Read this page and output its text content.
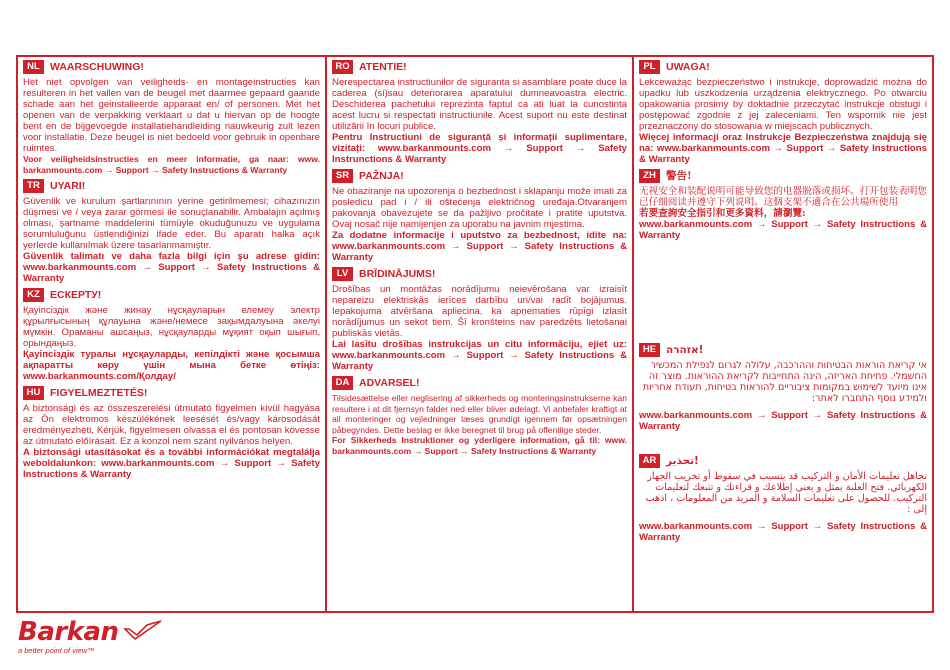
NL WAARSCHUWING!
Het niet opvolgen van veiligheids- en montageinstructies kan resulteren in het vallen van de beugel met daarmee gepaard gaande schade aan het geinstalleerde apparaat en/ of personen. Met het openen van de verpakking verklaart u dat u hiervan op de hoogte bent en de bijgevoegde installatiehandleiding nauwkeurig zult lezen voor installatie. Deze beugel is niet bedoeld voor gebruik in openbare ruimtes.
Voor veiligheidsinstructies en meer informatie, ga naar: www. barkanmounts.com → Support → Safety Instructions & Warranty
TR UYARI!
Güvenlik ve kurulum şartlarınının yerine getirilmemesi; cihazınızın düşmesi ve / veya zarar görmesi ile sonuçlanabilir. Ambalajın açılmış olması, şartname maddelerini tümüyle okuduğunuzu ve uygulama sorumluluğunu üstlendiğinizi ifade eder. Bu aparatı halka açık yerlerde kullanılmak üzere tasarlanmamıştır.
Güvenlik talimatı ve daha fazla bilgi için şu adrese gidin: www.barkanmounts.com → Support → Safety Instructions & Warranty
KZ ЕСКЕРТУ!
Қауіпсіздік және жинау нұсқауларын елемеу электр құрылғысының құлауына және/немесе зақымдалуына әкелуі мүмкін. Ораманы ашсаңыз, нұсқауларды мұқият оқып шығып, орындаңыз.
Қауіпсіздік туралы нұсқауларды, кепілдікті және қосымша ақпаратты көру үшін мына бетке өтіңіз: www.barkanmounts.com/Қолдау/
HU FIGYELMEZTETÉS!
A biztonsági és az összeszerelési útmutató figyelmen kívül hagyása az Ön elektromos készülékének leesését és/vagy károsodását eredményezheti. Kérjük, figyelmesen olvassa el és pontosan kövesse az útmutató előírásait. Ez a konzol nem szánt nyilvános helyen.
A biztonsági utasításokat és a további információkat megtalálja weboldalunkon: www.barkanmounts.com → Support → Safety Instructions & Warranty
RO ATENTIE!
Nerespectarea instructiunilor de siguranta si asamblare poate duce la caderea (si)sau deteriorarea aparatului dumneavoastra electric. Deschiderea pachetului reprezinta faptul ca ati luat la cunostinta acest lucru si respectati instructiunile. Acest suport nu este destinat utilizării în locuri publice.
Pentru Instructiuni de siguranță și informații suplimentare, vizitați: www.barkanmounts.com → Support → Safety Instrunctions & Warranty
SR PAŽNJA!
Ne obaziranje na upozorenja o bezbednost i sklapanju može imati za posledicu pad i / ili oštećenja električnog uređaja.Otvaranjem pakovanja obavezujete se da pažljivo pročitate i pratite uputstva. Ovaj nosač nije namijenjen za uporabu na javnim mjestima.
Za dodatne informacije i uputstvo za bezbednost, idite na: www.barkanmounts.com → Support → Safety Instructions & Warranty
LV	BRĪDINĀJUMS!
Drošības un montāžas norādījumu neievērošana var izraisīt nepareizu elektriskās ierīces darbību un/vai radīt bojājumus. Iepakojuma atvēršana apliecina, ka apņematies rūpīgi izlasīt norādījumus un sekot tiem. Šī kronšteins nav paredzēts lietošanai publiskās vietās.
Lai lasītu drošības instrukcijas un citu informāciju, ejiet uz: www.barkanmounts.com → Support → Safety Instructions & Warranty
DA ADVARSEL!
Tilsidesættelse eller neglisering af sikkerheds og monteringsinstrukserne kan resultere i at dit fjernsyn falder ned eller bliver ødelagt. Vi anbefaler kraftigt at all monteringer og vejledninger læses grundigt igennem før opsætningen påbegyndes. Dette beslag er ikke beregnet til brug på offentlige steder.
For Sikkerheds Instruktioner og yderligere information, gå til: www. barkanmounts.com → Support → Safety Instructions & Warranty
PL UWAGA!
Lekceważąc bezpieczeństwo i instrukcje, doprowadzić można do upadku lub uszkodzenia urządzenia elektrycznego. Po otwarciu opakowania prosimy by doktadnie przeczytać instrukcje obstugi i postępować zgodnie z jej zaleceniami. Ten wspornik nie jest przeznaczony do stosowania w miejscach publicznych.
Więcej informacji oraz Instrukcje Bezpieczeństwa znajdują się na: www.barkanmounts.com → Support → Safety Instructions & Warranty
ZH 警告!
无视安全和装配说明可能导致您的电器脱落或损坏。打开包装表明您已仔细阅读并遵守下列说明。这個支架不適合在公共場所使用
若要查詢安全指引和更多資料，請瀏覽:
www.barkanmounts.com → Support → Safety Instructions & Warranty
HE !אזהרה
אי קריאת הוראות הבטיחות וההרכבה, עלולה לגרום לנפילת המכשיר החשמלי. פתיחת האריזה, הינה התחייבות לקריאת ההוראות. מוצר זה אינו מיועד לשימוש במקומות ציבוריים להוראות בטיחות, תעודת אחריות ולמידע נוסף התחברו לאתר:
www.barkanmounts.com → Support → Safety Instructions & Warranty
AR !تحذير
تجاهل تعليمات الأمان و التركيب قد يتسبب في سقوط أو تخريب الجهاز الكهربائي. فتح العلبة يمثل و يعني إطلاعك و قراءتك و تتبعك لتعليمات التركيب. للحصول على تعليمات السلامة و المزيد من المعلومات ، اذهب إلى :
www.barkanmounts.com → Support → Safety Instructions & Warranty
Barkan
a better point of view™
